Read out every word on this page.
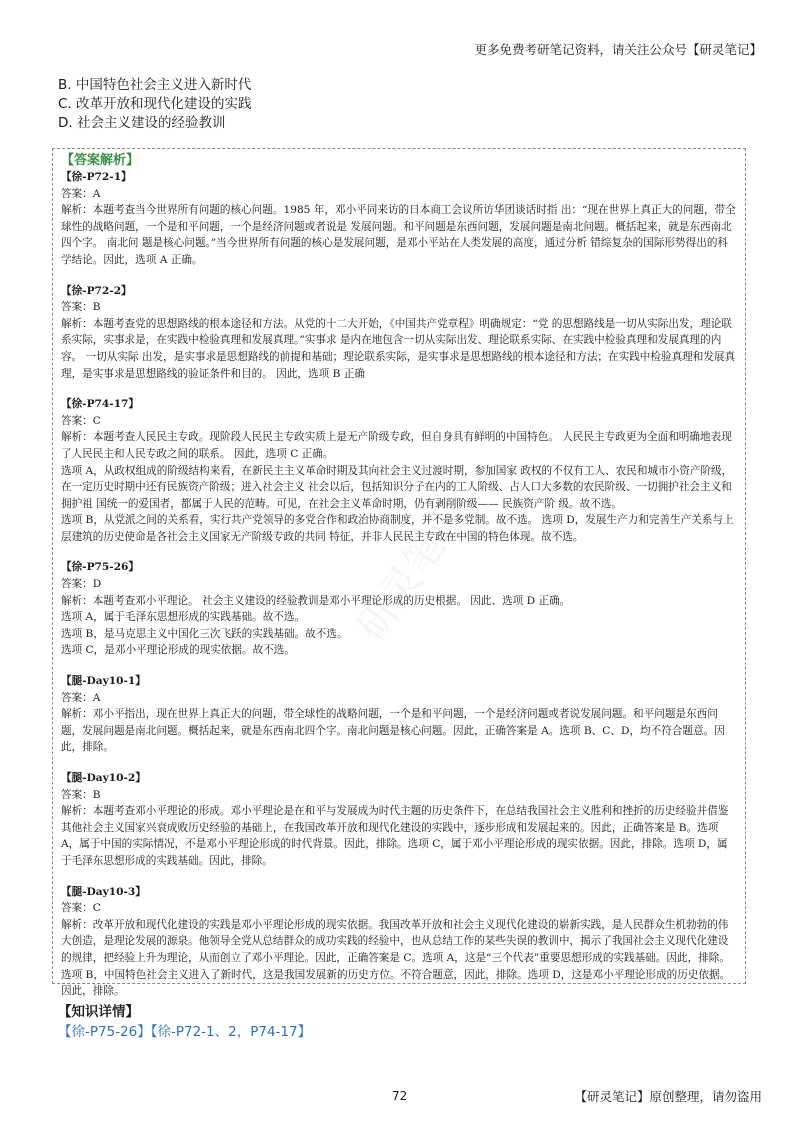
更多免费考研笔记资料，请关注公众号【研灵笔记】
B. 中国特色社会主义进入新时代
C. 改革开放和现代化建设的实践
D. 社会主义建设的经验教训
【答案解析】
【徐-P72-1】
答案：A
解析：本题考查当今世界所有问题的核心问题。1985 年，邓小平同来访的日本商工会议所访华团谈话时指 出：“现在世界上真正大的问题，带全球性的战略问题，一个是和平问题，一个是经济问题或者说是 发展问题。和平问题是东西问题，发展问题是南北问题。概括起来，就是东西南北四个字。 南北问 题是核心问题。”当今世界所有问题的核心是发展问题，是邓小平站在人类发展的高度，通过分析 错综复杂的国际形势得出的科学结论。因此，选项 A 正确。
【徐-P72-2】
答案：B
解析：本题考查党的思想路线的根本途径和方法。从党的十二大开始，《中国共产党章程》明确规定：“党 的思想路线是一切从实际出发，理论联系实际，实事求是，在实践中检验真理和发展真理。”实事求 是内在地包含一切从实际出发、理论联系实际、在实践中检验真理和发展真理的内容。 一切从实际 出发，是实事求是思想路线的前提和基础；理论联系实际，是实事求是思想路线的根本途径和方法；在实践中检验真理和发展真理，是实事求是思想路线的验证条件和目的。 因此，选项 B 正确
【徐-P74-17】
答案：C
解析：本题考查人民民主专政。现阶段人民民主专政实质上是无产阶级专政，但自身具有鲜明的中国特色。 人民民主专政更为全面和明确地表现了人民民主和人民专政之间的联系。 因此，选项 C 正确。
选项 A，从政权组成的阶级结构来看，在新民主主义革命时期及其向社会主义过渡时期，参加国家 政权的不仅有工人、农民和城市小资产阶级，在一定历史时期中还有民族资产阶级；进入社会主义 社会以后，包括知识分子在内的工人阶级、占人口大多数的农民阶级、一切拥护社会主义和拥护祖 国统一的爱国者，都属于人民的范畴。可见，在社会主义革命时期，仍有剥削阶级—— 民族资产阶 级。故不选。
选项 B，从党派之间的关系看，实行共产党领导的多党合作和政治协商制度，并不是多党制。故不选。 选项 D，发展生产力和完善生产关系与上层建筑的历史使命是各社会主义国家无产阶级专政的共同 特征，并非人民民主专政在中国的特色体现。故不选。
【徐-P75-26】
答案：D
解析：本题考查邓小平理论。 社会主义建设的经验教训是邓小平理论形成的历史根据。 因此、选项 D 正确。
选项 A，属于毛泽东思想形成的实践基础。故不选。
选项 B，是马克思主义中国化三次飞跃的实践基础。故不选。
选项 C，是邓小平理论形成的现实依据。故不选。
【腿-Day10-1】
答案：A
解析：邓小平指出，现在世界上真正大的问题，带全球性的战略问题，一个是和平问题，一个是经济问题或者说发展问题。和平问题是东西问题，发展问题是南北问题。概括起来，就是东西南北四个字。南北问题是核心问题。因此，正确答案是 A。选项 B、C、D，均不符合题意。因此，排除。
【腿-Day10-2】
答案：B
解析：本题考查邓小平理论的形成。邓小平理论是在和平与发展成为时代主题的历史条件下，在总结我国社会主义胜利和挫折的历史经验并借鉴其他社会主义国家兴衰成败历史经验的基础上，在我国改革开放和现代化建设的实践中，逐步形成和发展起来的。因此，正确答案是 B。选项 A，属于中国的实际情况，不是邓小平理论形成的时代背景。因此，排除。选项 C，属于邓小平理论形成的现实依据。因此，排除。选项 D，属于毛泽东思想形成的实践基础。因此，排除。
【腿-Day10-3】
答案：C
解析：改革开放和现代化建设的实践是邓小平理论形成的现实依据。我国改革开放和社会主义现代化建设的崭新实践，是人民群众生机勃勃的伟大创造，是理论发展的源泉。他领导全党从总结群众的成功实践的经验中，也从总结工作的某些失误的教训中，揭示了我国社会主义现代化建设的规律，把经验上升为理论，从而创立了邓小平理论。因此，正确答案是 C。选项 A，这是“三个代表”重要思想形成的实践基础。因此，排除。选项 B，中国特色社会主义进入了新时代，这是我国发展新的历史方位。不符合题意，因此，排除。选项 D，这是邓小平理论形成的历史依据。因此，排除。
【知识详情】
【徐-P75-26】【徐-P72-1、2，P74-17】
72	【研灵笔记】原创整理，请勿盗用
